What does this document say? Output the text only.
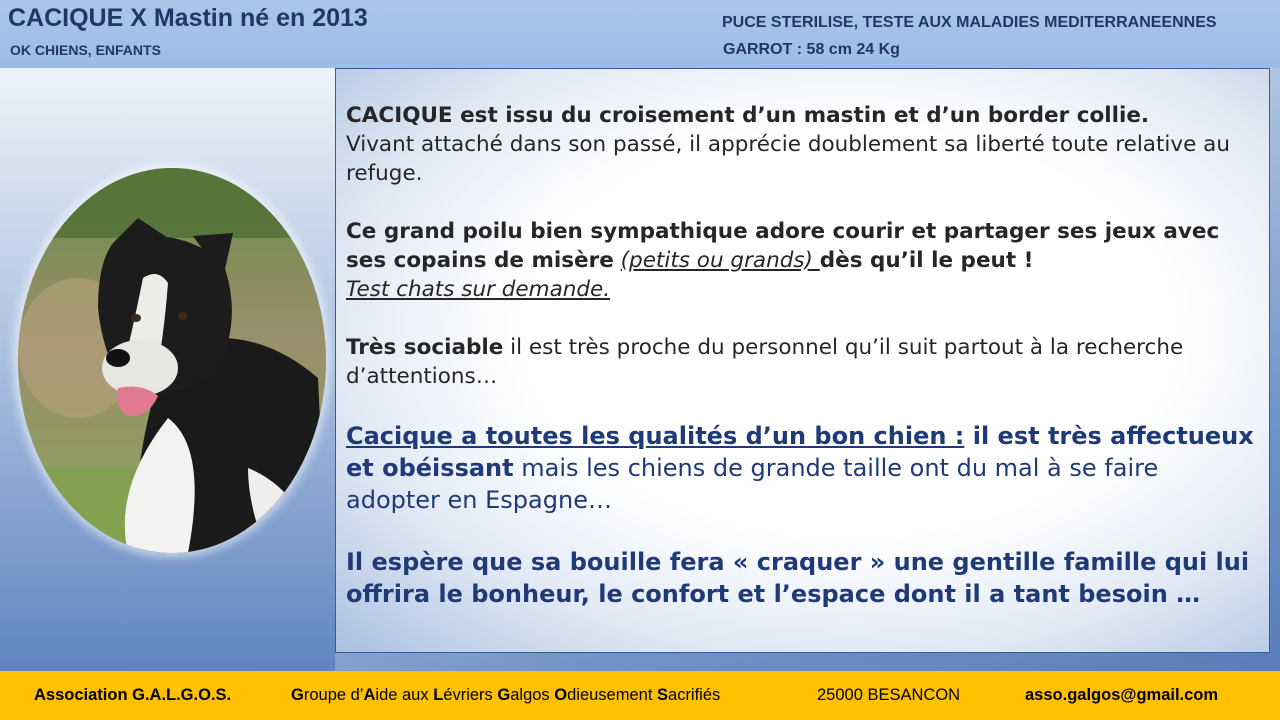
CACIQUE X Mastin né en 2013
OK CHIENS, ENFANTS
PUCE STERILISE, TESTE AUX MALADIES MEDITERRANEENNES
GARROT : 58 cm 24 Kg
CACIQUE est issu du croisement d’un mastin et d’un border collie.
Vivant attaché dans son passé, il apprécie doublement sa liberté toute relative au refuge.
Ce grand poilu bien sympathique adore courir et partager ses jeux avec ses copains de misère (petits ou grands) dès qu’il le peut !
Test chats sur demande.
Très sociable il est très proche du personnel qu’il suit partout à la recherche d’attentions…
Cacique a toutes les qualités d’un bon chien : il est très affectueux et obéissant mais les chiens de grande taille ont du mal à se faire adopter en Espagne…
Il espère que sa bouille fera « craquer » une gentille famille qui lui offrira le bonheur, le confort et l’espace dont il a tant besoin …
Association G.A.L.G.O.S.	Groupe d’Aide aux Lévriers Galgos Odieusement Sacrifiés	25000 BESANCON	asso.galgos@gmail.com
